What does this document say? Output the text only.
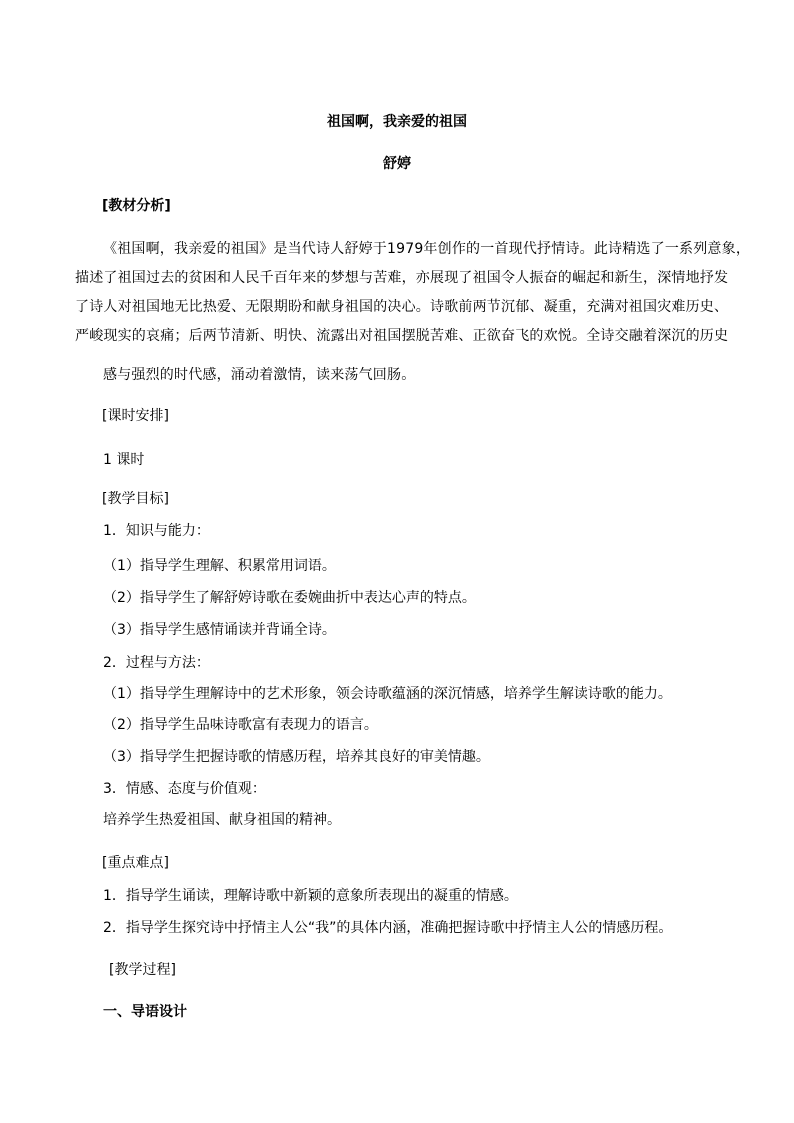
祖国啊，我亲爱的祖国
舒婷
[教材分析]
《祖国啊，我亲爱的祖国》是当代诗人舒婷于1979年创作的一首现代抒情诗。此诗精选了一系列意象，
描述了祖国过去的贫困和人民千百年来的梦想与苦难，亦展现了祖国令人振奋的崛起和新生，深情地抒发
了诗人对祖国地无比热爱、无限期盼和献身祖国的决心。诗歌前两节沉郁、凝重，充满对祖国灾难历史、
严峻现实的哀痛；后两节清新、明快、流露出对祖国摆脱苦难、正欲奋飞的欢悦。全诗交融着深沉的历史
感与强烈的时代感，涌动着激情，读来荡气回肠。
[课时安排]
1 课时
[教学目标]
1．知识与能力：
（1）指导学生理解、积累常用词语。
（2）指导学生了解舒婷诗歌在委婉曲折中表达心声的特点。
（3）指导学生感情诵读并背诵全诗。
2．过程与方法：
（1）指导学生理解诗中的艺术形象，领会诗歌蕴涵的深沉情感，培养学生解读诗歌的能力。
（2）指导学生品味诗歌富有表现力的语言。
（3）指导学生把握诗歌的情感历程，培养其良好的审美情趣。
3．情感、态度与价值观：
培养学生热爱祖国、献身祖国的精神。
[重点难点]
1．指导学生诵读，理解诗歌中新颖的意象所表现出的凝重的情感。
2．指导学生探究诗中抒情主人公“我”的具体内涵，准确把握诗歌中抒情主人公的情感历程。
[教学过程]
一、导语设计
